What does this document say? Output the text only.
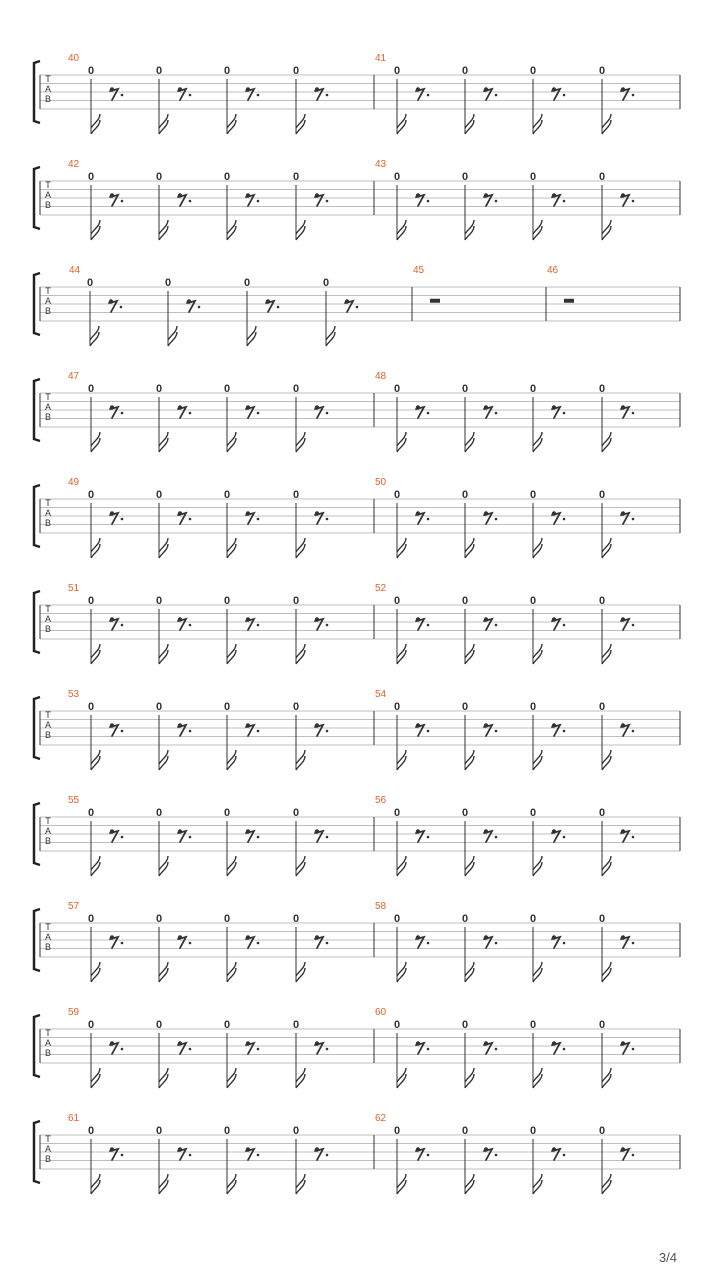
T
A
B
40
0	0	0	0
41
0	0	0	0
T
A
B
42
0	0	0	0
43
0	0	0	0
T
A
B
44
0	0	0	0
45	46
T
A
B
47
0	0	0	0
48
0	0	0	0
T
A
B
49
0	0	0	0
50
0	0	0	0
T
A
B
51
0	0	0	0
52
0	0	0	0
T
A
B
53
0	0	0	0
54
0	0	0	0
T
A
B
55
0	0	0	0
56
0	0	0	0
T
A
B
57
0	0	0	0
58
0	0	0	0
T
A
B
59
0	0	0	0
60
0	0	0	0
T
A
B
61
0	0	0	0
62
0	0	0	0
3/4
